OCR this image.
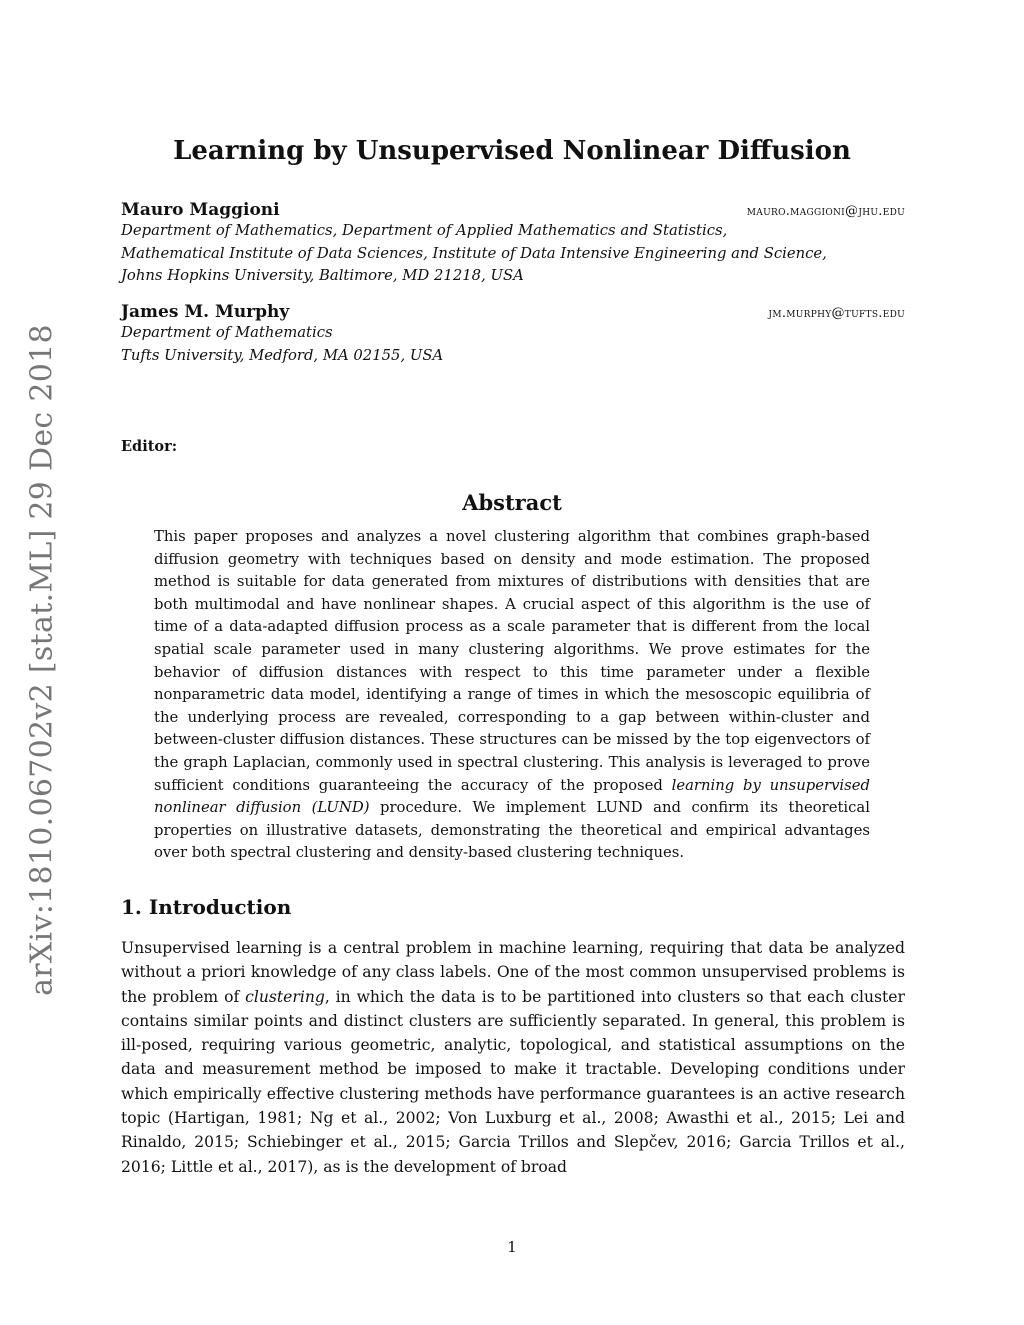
arXiv:1810.06702v2 [stat.ML] 29 Dec 2018
Learning by Unsupervised Nonlinear Diffusion
Mauro Maggioni	mauro.maggioni@jhu.edu
Department of Mathematics, Department of Applied Mathematics and Statistics,
Mathematical Institute of Data Sciences, Institute of Data Intensive Engineering and Science,
Johns Hopkins University, Baltimore, MD 21218, USA
James M. Murphy	jm.murphy@tufts.edu
Department of Mathematics
Tufts University, Medford, MA 02155, USA
Editor:
Abstract

This paper proposes and analyzes a novel clustering algorithm that combines graph-based diffusion geometry with techniques based on density and mode estimation. The proposed method is suitable for data generated from mixtures of distributions with densities that are both multimodal and have nonlinear shapes. A crucial aspect of this algorithm is the use of time of a data-adapted diffusion process as a scale parameter that is different from the local spatial scale parameter used in many clustering algorithms. We prove estimates for the behavior of diffusion distances with respect to this time parameter under a flexible nonparametric data model, identifying a range of times in which the mesoscopic equilibria of the underlying process are revealed, corresponding to a gap between within-cluster and between-cluster diffusion distances. These structures can be missed by the top eigenvectors of the graph Laplacian, commonly used in spectral clustering. This analysis is leveraged to prove sufficient conditions guaranteeing the accuracy of the proposed learning by unsupervised nonlinear diffusion (LUND) procedure. We implement LUND and confirm its theoretical properties on illustrative datasets, demonstrating the theoretical and empirical advantages over both spectral clustering and density-based clustering techniques.

1. Introduction

Unsupervised learning is a central problem in machine learning, requiring that data be analyzed without a priori knowledge of any class labels. One of the most common unsupervised problems is the problem of clustering, in which the data is to be partitioned into clusters so that each cluster contains similar points and distinct clusters are sufficiently separated. In general, this problem is ill-posed, requiring various geometric, analytic, topological, and statistical assumptions on the data and measurement method be imposed to make it tractable. Developing conditions under which empirically effective clustering methods have performance guarantees is an active research topic (Hartigan, 1981; Ng et al., 2002; Von Luxburg et al., 2008; Awasthi et al., 2015; Lei and Rinaldo, 2015; Schiebinger et al., 2015; Garcia Trillos and Slepčev, 2016; Garcia Trillos et al., 2016; Little et al., 2017), as is the development of broad

1
